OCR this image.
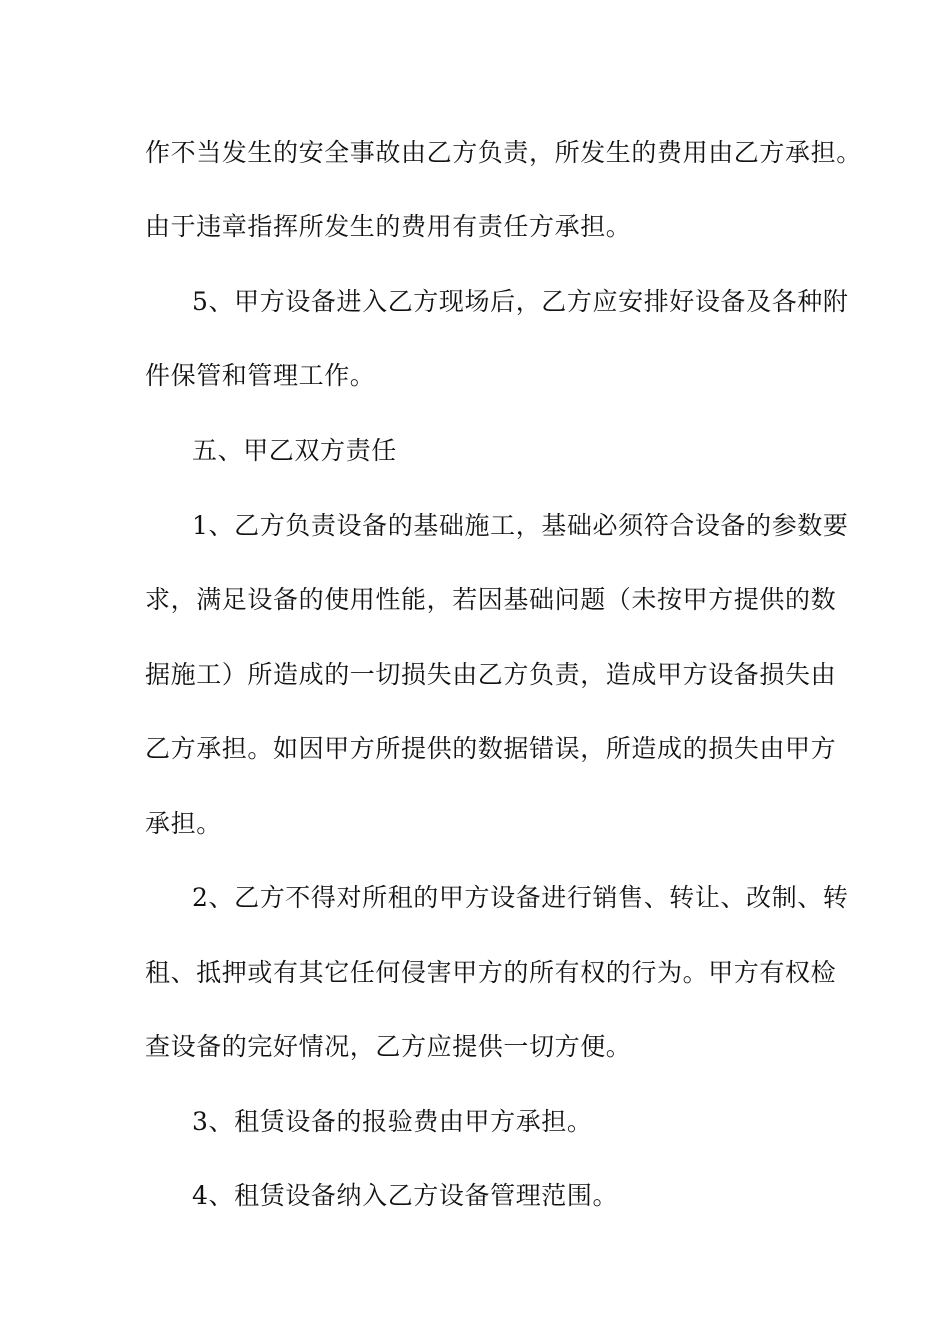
作不当发生的安全事故由乙方负责，所发生的费用由乙方承担。
由于违章指挥所发生的费用有责任方承担。
5、甲方设备进入乙方现场后，乙方应安排好设备及各种附
件保管和管理工作。
五、甲乙双方责任
1、乙方负责设备的基础施工，基础必须符合设备的参数要
求，满足设备的使用性能，若因基础问题（未按甲方提供的数
据施工）所造成的一切损失由乙方负责，造成甲方设备损失由
乙方承担。如因甲方所提供的数据错误，所造成的损失由甲方
承担。
2、乙方不得对所租的甲方设备进行销售、转让、改制、转
租、抵押或有其它任何侵害甲方的所有权的行为。甲方有权检
查设备的完好情况，乙方应提供一切方便。
3、租赁设备的报验费由甲方承担。
4、租赁设备纳入乙方设备管理范围。
